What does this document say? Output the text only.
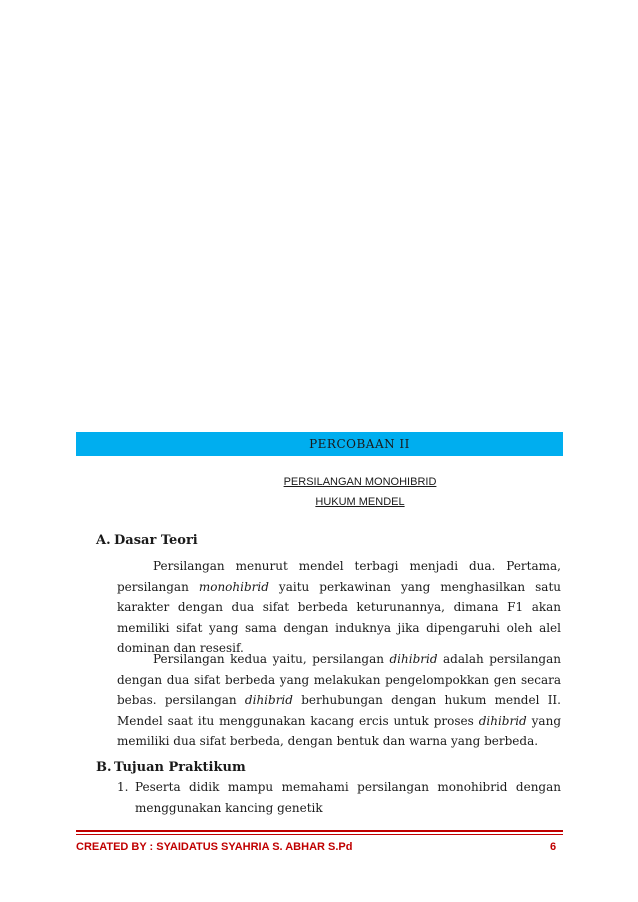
PERCOBAAN II
PERSILANGAN MONOHIBRID
HUKUM MENDEL
A. Dasar Teori

Persilangan menurut mendel terbagi menjadi dua. Pertama, persilangan monohibrid yaitu perkawinan yang menghasilkan satu karakter dengan dua sifat berbeda keturunannya, dimana F1 akan memiliki sifat yang sama dengan induknya jika dipengaruhi oleh alel dominan dan resesif.

Persilangan kedua yaitu, persilangan dihibrid adalah persilangan dengan dua sifat berbeda yang melakukan pengelompokkan gen secara bebas. persilangan dihibrid berhubungan dengan hukum mendel II. Mendel saat itu menggunakan kacang ercis untuk proses dihibrid yang memiliki dua sifat berbeda, dengan bentuk dan warna yang berbeda.

B. Tujuan Praktikum
1. Peserta didik mampu memahami persilangan monohibrid dengan menggunakan kancing genetik
CREATED BY : SYAIDATUS SYAHRIA S. ABHAR S.Pd	6
